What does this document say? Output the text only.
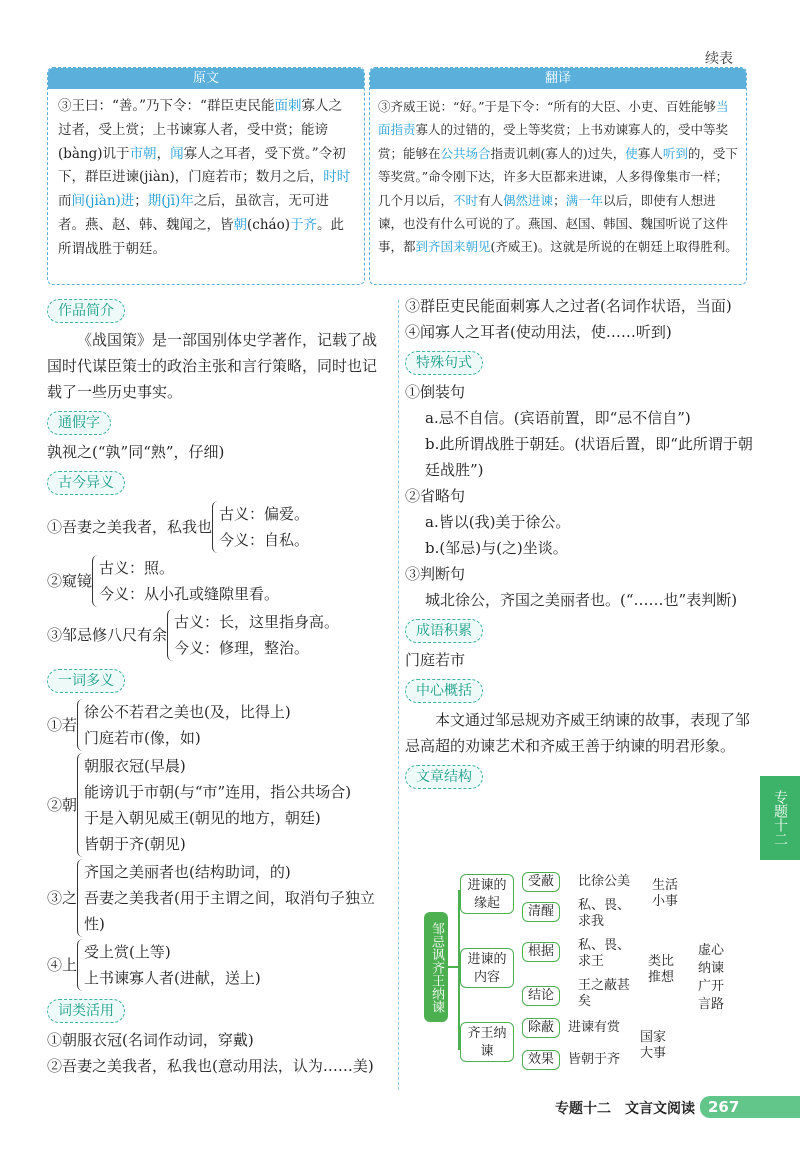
续表
原文
③王曰：“善。”乃下令：“群臣吏民能面刺寡人之过者，受上赏；上书谏寡人者，受中赏；能谤(bàng)讥于市朝，闻寡人之耳者，受下赏。”令初下，群臣进谏(jiàn)，门庭若市；数月之后，时时而间(jiàn)进；期(jī)年之后，虽欲言，无可进者。燕、赵、韩、魏闻之，皆朝(cháo)于齐。此所谓战胜于朝廷。
翻译
③齐威王说：“好。”于是下令：“所有的大臣、小吏、百姓能够当面指责寡人的过错的，受上等奖赏；上书劝谏寡人的，受中等奖赏；能够在公共场合指责讥刺(寡人的)过失，使寡人听到的，受下等奖赏。”命令刚下达，许多大臣都来进谏，人多得像集市一样；几个月以后，不时有人偶然进谏；满一年以后，即使有人想进谏，也没有什么可说的了。燕国、赵国、韩国、魏国听说了这件事，都到齐国来朝见(齐威王)。这就是所说的在朝廷上取得胜利。
作品简介
《战国策》是一部国别体史学著作，记载了战国时代谋臣策士的政治主张和言行策略，同时也记载了一些历史事实。
通假字
孰视之(“孰”同“熟”，仔细)
古今异义
①吾妻之美我者，私我也
古义：偏爱。
今义：自私。
②窥镜
古义：照。
今义：从小孔或缝隙里看。
③邹忌修八尺有余
古义：长，这里指身高。
今义：修理，整治。
一词多义
①若
徐公不若君之美也(及，比得上)
门庭若市(像，如)
②朝
朝服衣冠(早晨)
能谤讥于市朝(与“市”连用，指公共场合)
于是入朝见威王(朝见的地方，朝廷)
皆朝于齐(朝见)
③之
齐国之美丽者也(结构助词，的)
吾妻之美我者(用于主谓之间，取消句子独立性)
④上
受上赏(上等)
上书谏寡人者(进献，送上)
词类活用
①朝服衣冠(名词作动词，穿戴)
②吾妻之美我者，私我也(意动用法，认为……美)
③群臣吏民能面刺寡人之过者(名词作状语，当面)
④闻寡人之耳者(使动用法，使……听到)
特殊句式
①倒装句
a.忌不自信。(宾语前置，即“忌不信自”)
b.此所谓战胜于朝廷。(状语后置，即“此所谓于朝廷战胜”)
②省略句
a.皆以(我)美于徐公。
b.(邹忌)与(之)坐谈。
③判断句
城北徐公，齐国之美丽者也。(“……也”表判断)
成语积累
门庭若市
中心概括
本文通过邹忌规劝齐威王纳谏的故事，表现了邹忌高超的劝谏艺术和齐威王善于纳谏的明君形象。
文章结构
邹忌讽齐王纳谏
进谏的缘起
受蔽
清醒
比徐公美
私、畏、求我
生活小事
进谏的内容
根据
结论
私、畏、求王
王之蔽甚矣
类比推想
齐王纳谏
除蔽
效果
进谏有赏
皆朝于齐
国家大事
虚心纳谏 广开言路
专题十二
专题十二　文言文阅读 267
